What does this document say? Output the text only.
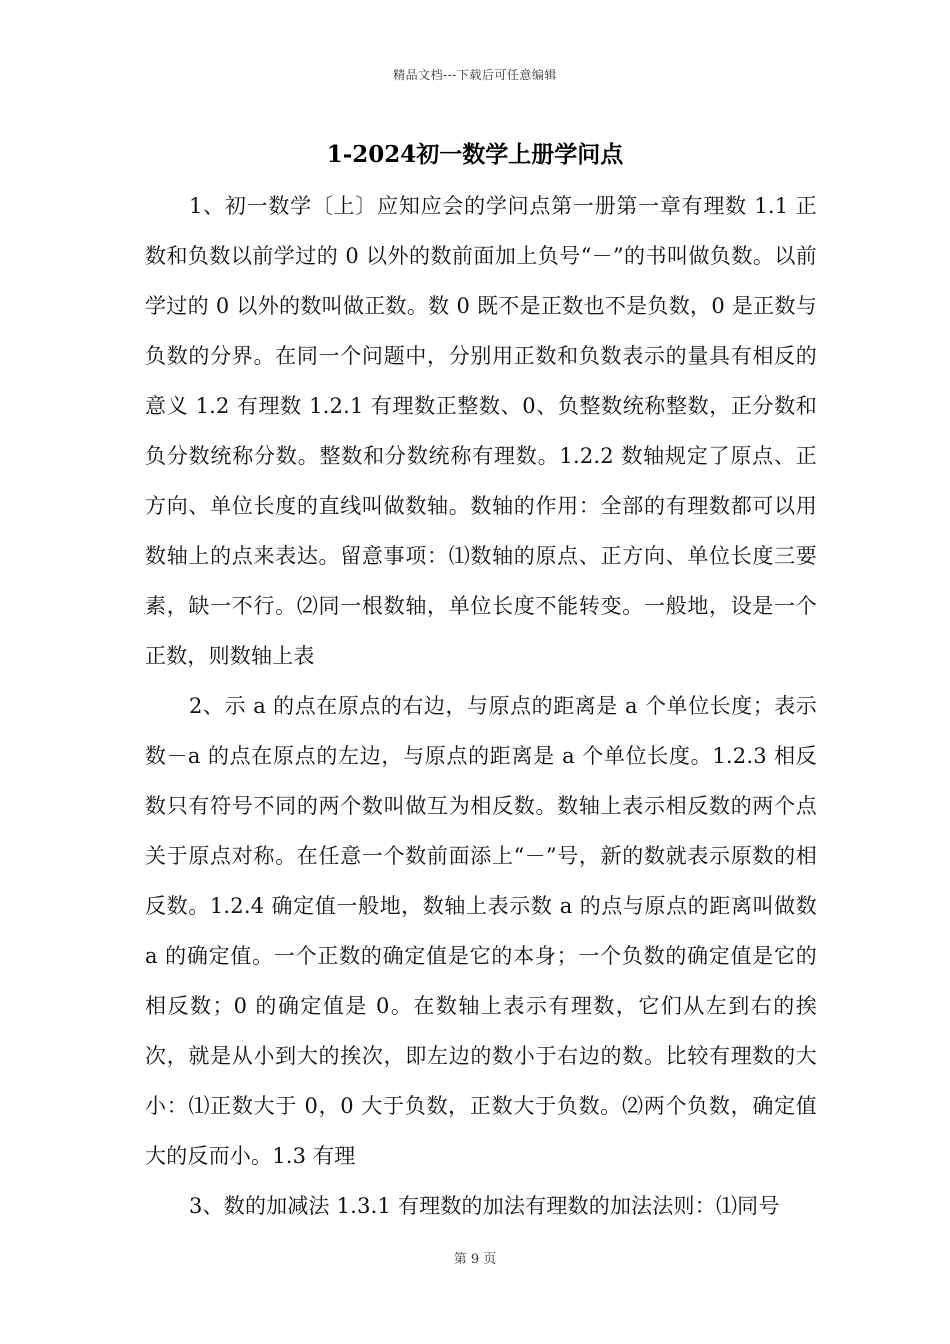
精品文档---下载后可任意编辑
1-2024初一数学上册学问点

1、初一数学〔上〕应知应会的学问点第一册第一章有理数 1.1 正数和负数以前学过的 0 以外的数前面加上负号“－”的书叫做负数。以前学过的 0 以外的数叫做正数。数 0 既不是正数也不是负数，0 是正数与负数的分界。在同一个问题中，分别用正数和负数表示的量具有相反的意义 1.2 有理数 1.2.1 有理数正整数、0、负整数统称整数，正分数和负分数统称分数。整数和分数统称有理数。1.2.2 数轴规定了原点、正方向、单位长度的直线叫做数轴。数轴的作用：全部的有理数都可以用数轴上的点来表达。留意事项：⑴数轴的原点、正方向、单位长度三要素，缺一不行。⑵同一根数轴，单位长度不能转变。一般地，设是一个正数，则数轴上表

2、示 a 的点在原点的右边，与原点的距离是 a 个单位长度；表示数－a 的点在原点的左边，与原点的距离是 a 个单位长度。1.2.3 相反数只有符号不同的两个数叫做互为相反数。数轴上表示相反数的两个点关于原点对称。在任意一个数前面添上“－”号，新的数就表示原数的相反数。1.2.4 确定值一般地，数轴上表示数 a 的点与原点的距离叫做数 a 的确定值。一个正数的确定值是它的本身；一个负数的确定值是它的相反数；0 的确定值是 0。在数轴上表示有理数，它们从左到右的挨次，就是从小到大的挨次，即左边的数小于右边的数。比较有理数的大小：⑴正数大于 0，0 大于负数，正数大于负数。⑵两个负数，确定值大的反而小。1.3 有理

3、数的加减法 1.3.1 有理数的加法有理数的加法法则：⑴同号

第 9 页
